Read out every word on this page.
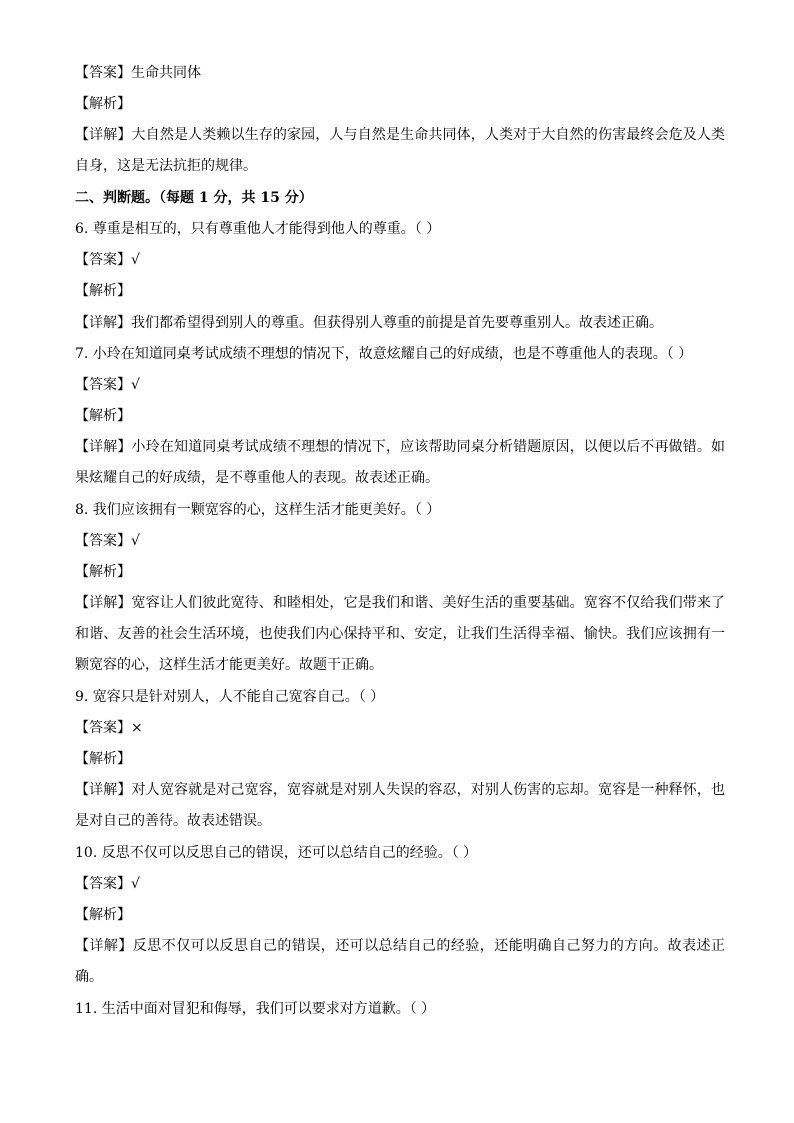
【答案】生命共同体
【解析】
【详解】大自然是人类赖以生存的家园，人与自然是生命共同体，人类对于大自然的伤害最终会危及人类自身，这是无法抗拒的规律。
二、判断题。（每题 1 分，共 15 分）
6. 尊重是相互的，只有尊重他人才能得到他人的尊重。（ ）
【答案】√
【解析】
【详解】我们都希望得到别人的尊重。但获得别人尊重的前提是首先要尊重别人。故表述正确。
7. 小玲在知道同桌考试成绩不理想的情况下，故意炫耀自己的好成绩，也是不尊重他人的表现。（ ）
【答案】√
【解析】
【详解】小玲在知道同桌考试成绩不理想的情况下，应该帮助同桌分析错题原因，以便以后不再做错。如果炫耀自己的好成绩，是不尊重他人的表现。故表述正确。
8. 我们应该拥有一颗宽容的心，这样生活才能更美好。（ ）
【答案】√
【解析】
【详解】宽容让人们彼此宽待、和睦相处，它是我们和谐、美好生活的重要基础。宽容不仅给我们带来了和谐、友善的社会生活环境，也使我们内心保持平和、安定，让我们生活得幸福、愉快。我们应该拥有一颗宽容的心，这样生活才能更美好。故题干正确。
9. 宽容只是针对别人，人不能自己宽容自己。（ ）
【答案】×
【解析】
【详解】对人宽容就是对己宽容，宽容就是对别人失误的容忍，对别人伤害的忘却。宽容是一种释怀，也是对自己的善待。故表述错误。
10. 反思不仅可以反思自己的错误，还可以总结自己的经验。（ ）
【答案】√
【解析】
【详解】反思不仅可以反思自己的错误，还可以总结自己的经验，还能明确自己努力的方向。故表述正确。
11. 生活中面对冒犯和侮辱，我们可以要求对方道歉。（ ）
